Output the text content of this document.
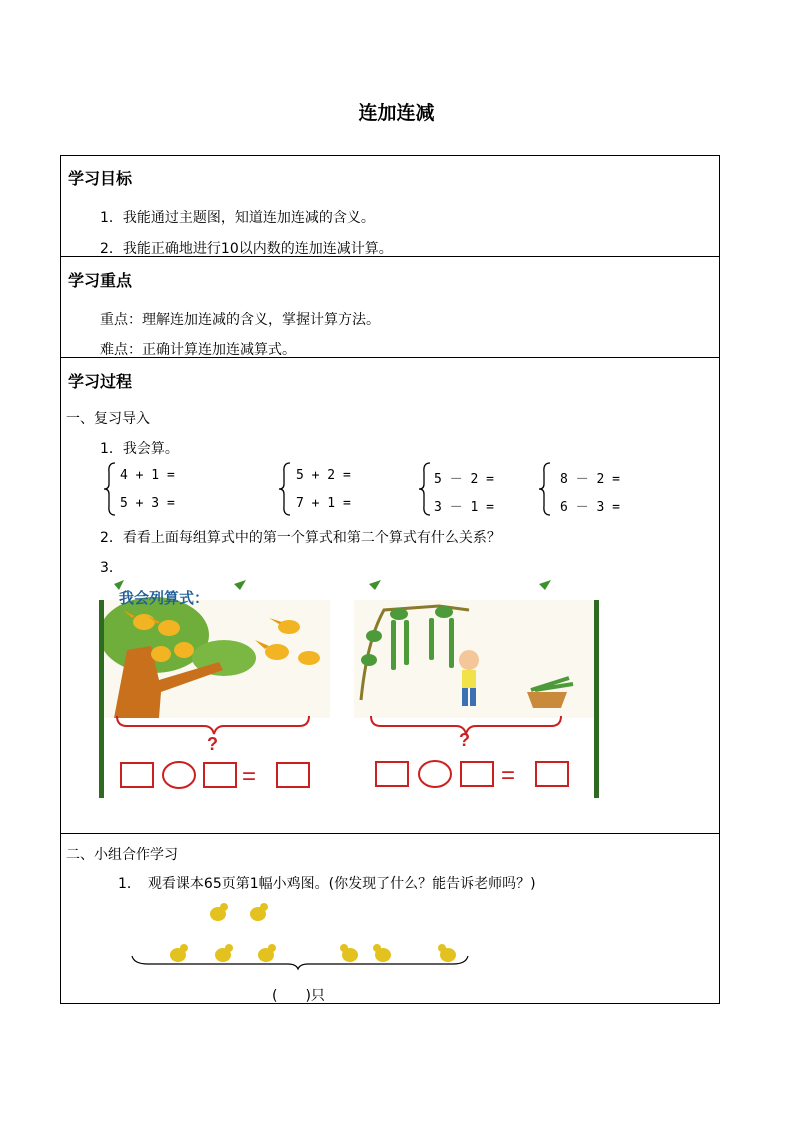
连加连减
学习目标
1．我能通过主题图，知道连加连减的含义。
2．我能正确地进行10以内数的连加连减计算。
学习重点
重点：理解连加连减的含义，掌握计算方法。
难点：正确计算连加连减算式。
学习过程
一、复习导入
1．我会算。
4 + 1 =
5 + 3 =
5 + 2 =
7 + 1 =
5 － 2 =
3 － 1 =
8 － 2 =
6 － 3 =
2．看看上面每组算式中的第一个算式和第二个算式有什么关系？
3．
我会列算式：
?	?
=	=
二、小组合作学习
1．　观看课本65页第1幅小鸡图。(你发现了什么？能告诉老师吗？)
(　　)只
